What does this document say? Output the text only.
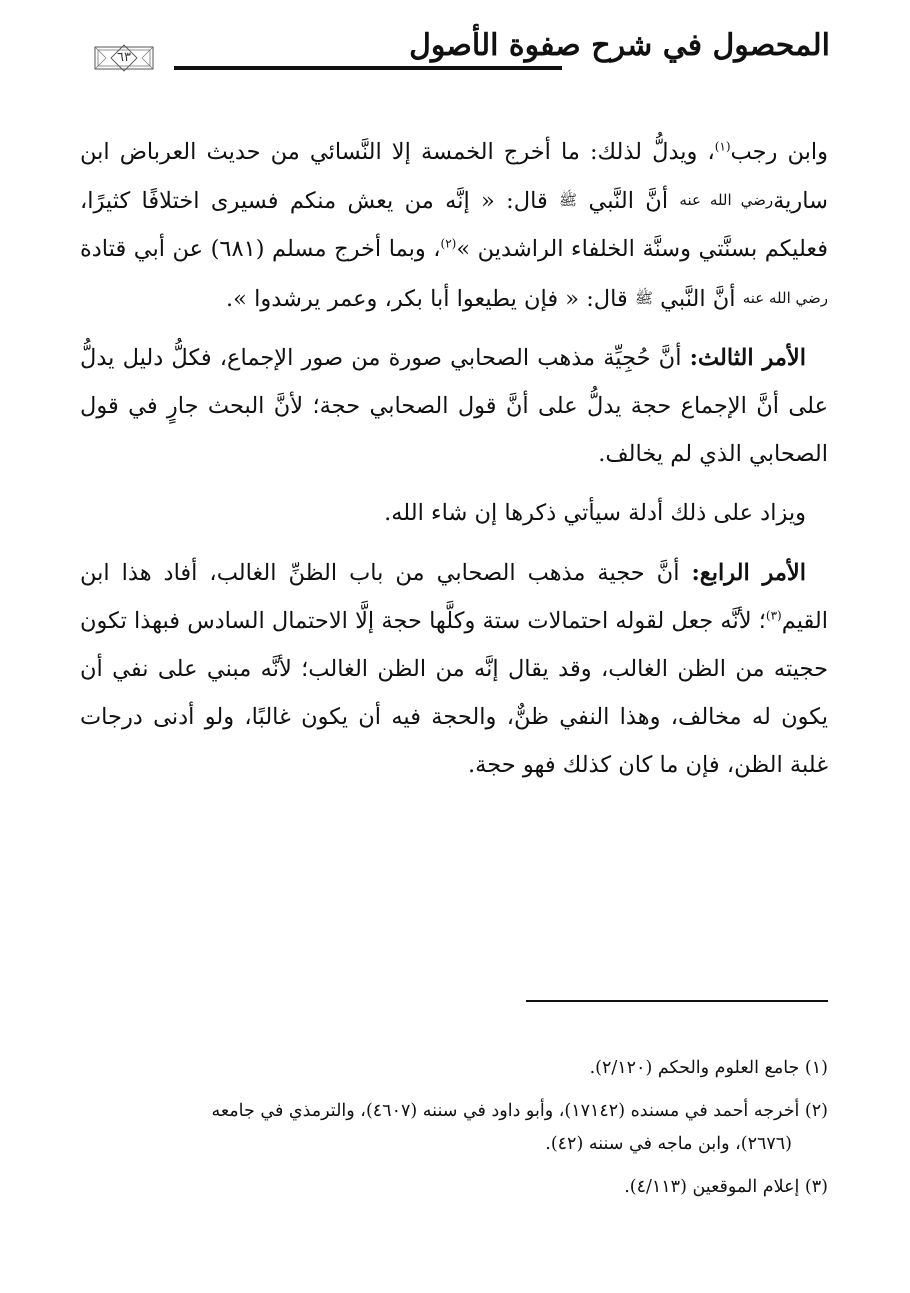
المحصول في شرح صفوة الأصول
٦٣

وابن رجب$^{(١)}$، ويدلُّ لذلك: ما أخرج الخمسة إلا النَّسائي من حديث العرباض ابن ساريةرضي الله عنه أنَّ النَّبي ﷺ قال: « إنَّه من يعش منكم فسيرى اختلافًا كثيرًا، فعليكم بسنَّتي وسنَّة الخلفاء الراشدين »$^{(٢)}$، وبما أخرج مسلم (٦٨١) عن أبي قتادة رضي الله عنه أنَّ النَّبي ﷺ قال: « فإن يطيعوا أبا بكر، وعمر يرشدوا ».

الأمر الثالث: أنَّ حُجِيِّة مذهب الصحابي صورة من صور الإجماع، فكلُّ دليل يدلُّ على أنَّ الإجماع حجة يدلُّ على أنَّ قول الصحابي حجة؛ لأنَّ البحث جارٍ في قول الصحابي الذي لم يخالف.

ويزاد على ذلك أدلة سيأتي ذكرها إن شاء الله.

الأمر الرابع: أنَّ حجية مذهب الصحابي من باب الظنِّ الغالب، أفاد هذا ابن القيم$^{(٣)}$؛ لأنَّه جعل لقوله احتمالات ستة وكلَّها حجة إلَّا الاحتمال السادس فبهذا تكون حجيته من الظن الغالب، وقد يقال إنَّه من الظن الغالب؛ لأنَّه مبني على نفي أن يكون له مخالف، وهذا النفي ظنٌّ، والحجة فيه أن يكون غالبًا، ولو أدنى درجات غلبة الظن، فإن ما كان كذلك فهو حجة.

(١) جامع العلوم والحكم (٢/١٢٠).

(٢) أخرجه أحمد في مسنده (١٧١٤٢)، وأبو داود في سننه (٤٦٠٧)، والترمذي في جامعه

(٢٦٧٦)، وابن ماجه في سننه (٤٢).

(٣) إعلام الموقعين (٤/١١٣).
